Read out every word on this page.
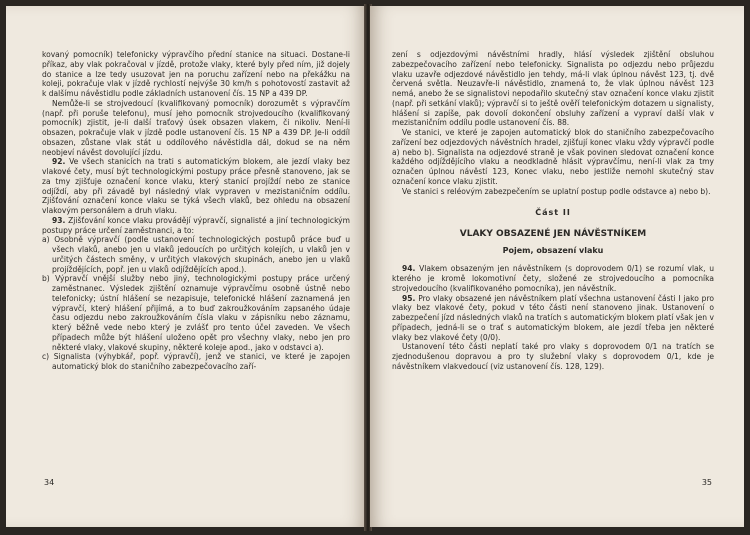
kovaný pomocník) telefonicky výpravčího přední stanice na situaci. Dostane-li příkaz, aby vlak pokračoval v jízdě, protože vlaky, které byly před ním, již dojely do stanice a lze tedy usuzovat jen na poruchu zařízení nebo na překážku na koleji, pokračuje vlak v jízdě rychlostí nejvýše 30 km/h s pohotovostí zastavit až k dalšímu návěstidlu podle základních ustanovení čís. 15 NP a 439 DP.

Nemůže-li se strojvedoucí (kvalifikovaný pomocník) dorozumět s výpravčím (např. při poruše telefonu), musí jeho pomocník strojvedoucího (kvalifikovaný pomocník) zjistit, je-li další traťový úsek obsazen vlakem, či nikoliv. Není-li obsazen, pokračuje vlak v jízdě podle ustanovení čís. 15 NP a 439 DP. Je-li oddíl obsazen, zůstane vlak stát u oddílového návěstidla dál, dokud se na něm neobjeví návěst dovolující jízdu.

92. Ve všech stanicích na trati s automatickým blokem, ale jezdí vlaky bez vlakové čety, musí být technologickými postupy práce přesně stanoveno, jak se za tmy zjišťuje označení konce vlaku, který stanicí projíždí nebo ze stanice odjíždí, aby při závadě byl následný vlak vypraven v mezistaničním oddílu. Zjišťování označení konce vlaku se týká všech vlaků, bez ohledu na obsazení vlakovým personálem a druh vlaku.

93. Zjišťování konce vlaku provádějí výpravčí, signalisté a jiní technologickým postupy práce určení zaměstnanci, a to:

a) Osobně výpravčí (podle ustanovení technologických postupů práce buď u všech vlaků, anebo jen u vlaků jedoucích po určitých kolejích, u vlaků jen v určitých částech směny, v určitých vlakových skupinách, anebo jen u vlaků projíždějících, popř. jen u vlaků odjíždějících apod.).

b) Výpravčí vnější služby nebo jiný, technologickými postupy práce určený zaměstnanec. Výsledek zjištění oznamuje výpravčímu osobně ústně nebo telefonicky; ústní hlášení se nezapisuje, telefonické hlášení zaznamená jen výpravčí, který hlášení přijímá, a to buď zakroužkováním zapsaného údaje času odjezdu nebo zakroužkováním čísla vlaku v zápisníku nebo záznamu, který běžně vede nebo který je zvlášť pro tento účel zaveden. Ve všech případech může být hlášení uloženo opět pro všechny vlaky, nebo jen pro některé vlaky, vlakové skupiny, některé koleje apod., jako v odstavci a).

c) Signalista (výhybkář, popř. výpravčí), jenž ve stanici, ve které je zapojen automatický blok do staničního zabezpečovacího zaří-

34

zení s odjezdovými návěstními hradly, hlásí výsledek zjištění obsluhou zabezpečovacího zařízení nebo telefonicky. Signalista po odjezdu nebo průjezdu vlaku uzavře odjezdové návěstidlo jen tehdy, má-li vlak úplnou návěst 123, tj. dvě červená světla. Neuzavře-li návěstidlo, znamená to, že vlak úplnou návěst 123 nemá, anebo že se signalistovi nepodařilo skutečný stav označení konce vlaku zjistit (např. při setkání vlaků); výpravčí si to ještě ověří telefonickým dotazem u signalisty, hlášení si zapíše, pak dovolí dokončení obsluhy zařízení a vypraví další vlak v mezistaničním oddílu podle ustanovení čís. 88.

Ve stanici, ve které je zapojen automatický blok do staničního zabezpečovacího zařízení bez odjezdových návěstních hradel, zjišťují konec vlaku vždy výpravčí podle a) nebo b). Signalista na odjezdové straně je však povinen sledovat označení konce každého odjíždějícího vlaku a neodkladně hlásit výpravčímu, není-li vlak za tmy označen úplnou návěstí 123, Konec vlaku, nebo jestliže nemohl skutečný stav označení konce vlaku zjistit.

Ve stanici s reléovým zabezpečením se uplatní postup podle odstavce a) nebo b).

Část II
VLAKY OBSAZENÉ JEN NÁVĚSTNÍKEM
Pojem, obsazení vlaku

94. Vlakem obsazeným jen návěstníkem (s doprovodem 0/1) se rozumí vlak, u kterého je kromě lokomotivní čety, složené ze strojvedoucího a pomocníka strojvedoucího (kvalifikovaného pomocníka), jen návěstník.

95. Pro vlaky obsazené jen návěstníkem platí všechna ustanovení části I jako pro vlaky bez vlakové čety, pokud v této části není stanoveno jinak. Ustanovení o zabezpečení jízd následných vlaků na tratích s automatickým blokem platí však jen v případech, jedná-li se o trať s automatickým blokem, ale jezdí třeba jen některé vlaky bez vlakové čety (0/0).

Ustanovení této části neplatí také pro vlaky s doprovodem 0/1 na tratích se zjednodušenou dopravou a pro ty služební vlaky s doprovodem 0/1, kde je návěstníkem vlakvedoucí (viz ustanovení čís. 128, 129).

35
